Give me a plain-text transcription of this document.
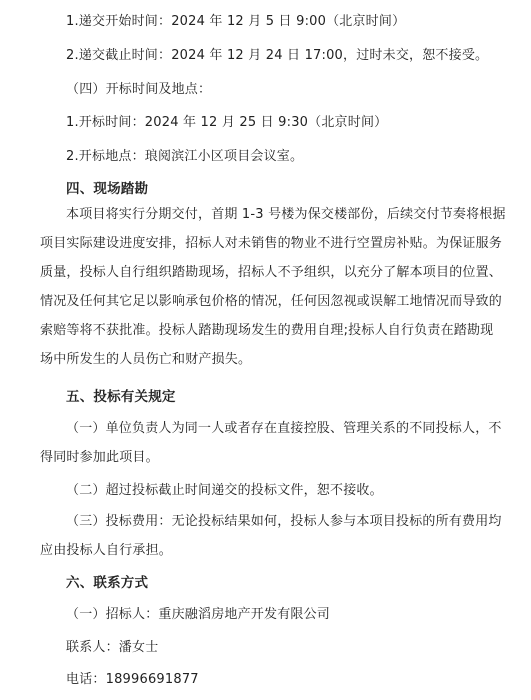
1.递交开始时间：2024 年 12 月 5 日 9:00（北京时间）
2.递交截止时间：2024 年 12 月 24 日 17:00，过时未交，恕不接受。
（四）开标时间及地点：
1.开标时间：2024 年 12 月 25 日 9:30（北京时间）
2.开标地点：琅阅滨江小区项目会议室。
四、现场踏勘
本项目将实行分期交付，首期 1-3 号楼为保交楼部份，后续交付节奏将根据
项目实际建设进度安排，招标人对未销售的物业不进行空置房补贴。为保证服务
质量，投标人自行组织踏勘现场，招标人不予组织，以充分了解本项目的位置、
情况及任何其它足以影响承包价格的情况，任何因忽视或误解工地情况而导致的
索赔等将不获批准。投标人踏勘现场发生的费用自理;投标人自行负责在踏勘现
场中所发生的人员伤亡和财产损失。
五、投标有关规定
（一）单位负责人为同一人或者存在直接控股、管理关系的不同投标人，不
得同时参加此项目。
（二）超过投标截止时间递交的投标文件，恕不接收。
（三）投标费用：无论投标结果如何，投标人参与本项目投标的所有费用均
应由投标人自行承担。
六、联系方式
（一）招标人：重庆融滔房地产开发有限公司
联系人：潘女士
电话：18996691877
